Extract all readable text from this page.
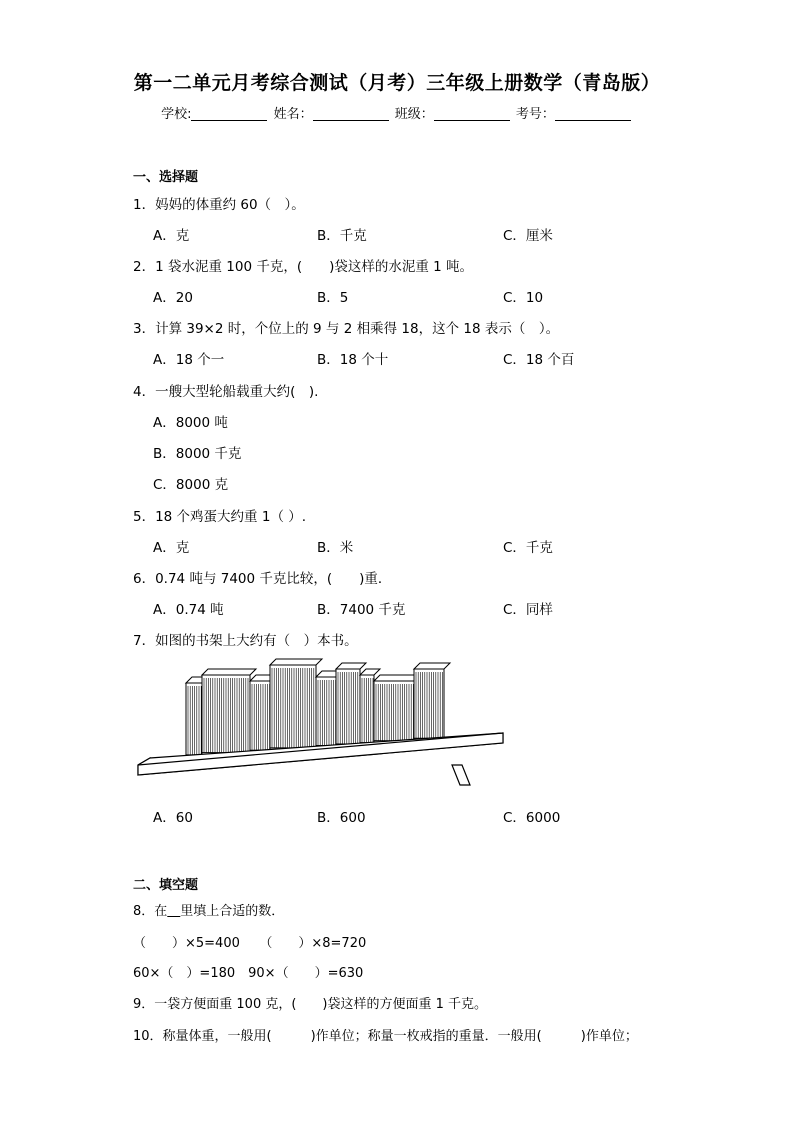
第一二单元月考综合测试（月考）三年级上册数学（青岛版）
学校:	姓名：	班级：	考号：
一、选择题
1．妈妈的体重约 60（　）。
A．克	B．千克	C．厘米
2．1 袋水泥重 100 千克，(　　)袋这样的水泥重 1 吨。
A．20	B．5	C．10
3．计算 39×2 时，个位上的 9 与 2 相乘得 18，这个 18 表示（　）。
A．18 个一	B．18 个十	C．18 个百
4．一艘大型轮船载重大约(　).
A．8000 吨
B．8000 千克
C．8000 克
5．18 个鸡蛋大约重 1（ ）.
A．克	B．米	C．千克
6．0.74 吨与 7400 千克比较，(　　)重．
A．0.74 吨	B．7400 千克	C．同样
7．如图的书架上大约有（　）本书。
A．60	B．600	C．6000
二、填空题
8．在　 里填上合适的数．
（　　）×5=400　　（　　）×8=720
60×（　）=180　90×（　　）=630
9．一袋方便面重 100 克，(　　)袋这样的方便面重 1 千克。
10．称量体重，一般用(　　　)作单位；称量一枚戒指的重量．一般用(　　　)作单位；
